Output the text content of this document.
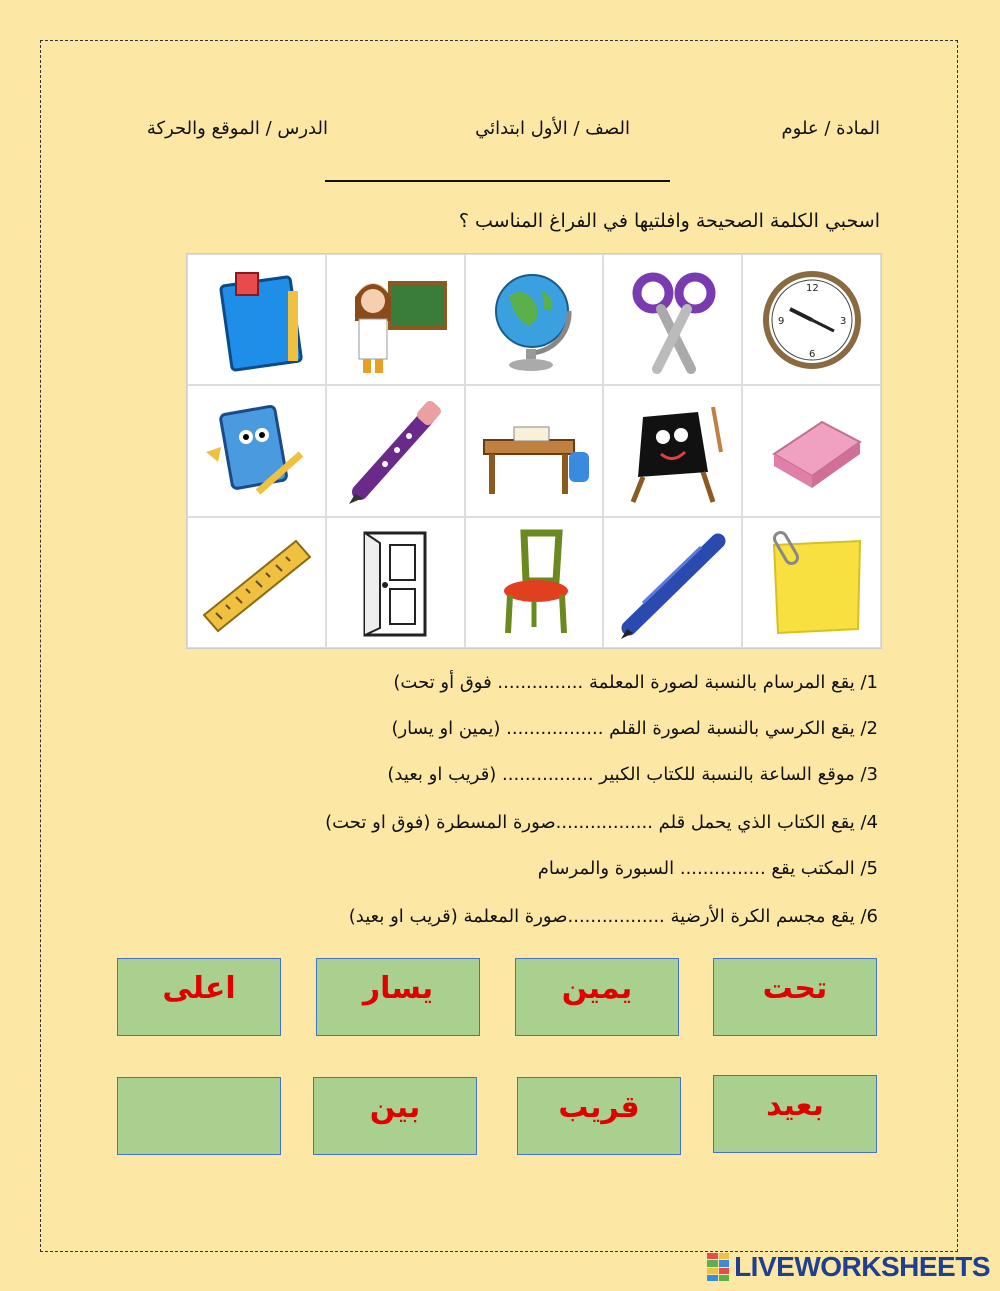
المادة / علوم
الصف / الأول ابتدائي
الدرس / الموقع والحركة
اسحبي الكلمة الصحيحة وافلتيها في الفراغ المناسب ؟
12
3
6
9
1/ يقع المرسام بالنسبة لصورة المعلمة ............... فوق أو تحت)
2/ يقع الكرسي بالنسبة لصورة القلم ................. (يمين او يسار)
3/ موقع الساعة بالنسبة للكتاب الكبير ................ (قريب او بعيد)
4/ يقع الكتاب الذي يحمل قلم .................صورة المسطرة (فوق او تحت)
5/ المكتب يقع ............... السبورة والمرسام
6/ يقع مجسم الكرة الأرضية .................صورة المعلمة (قريب او بعيد)
تحت
يمين
يسار
اعلى
بعيد
قريب
بين
LIVEWORKSHEETS
